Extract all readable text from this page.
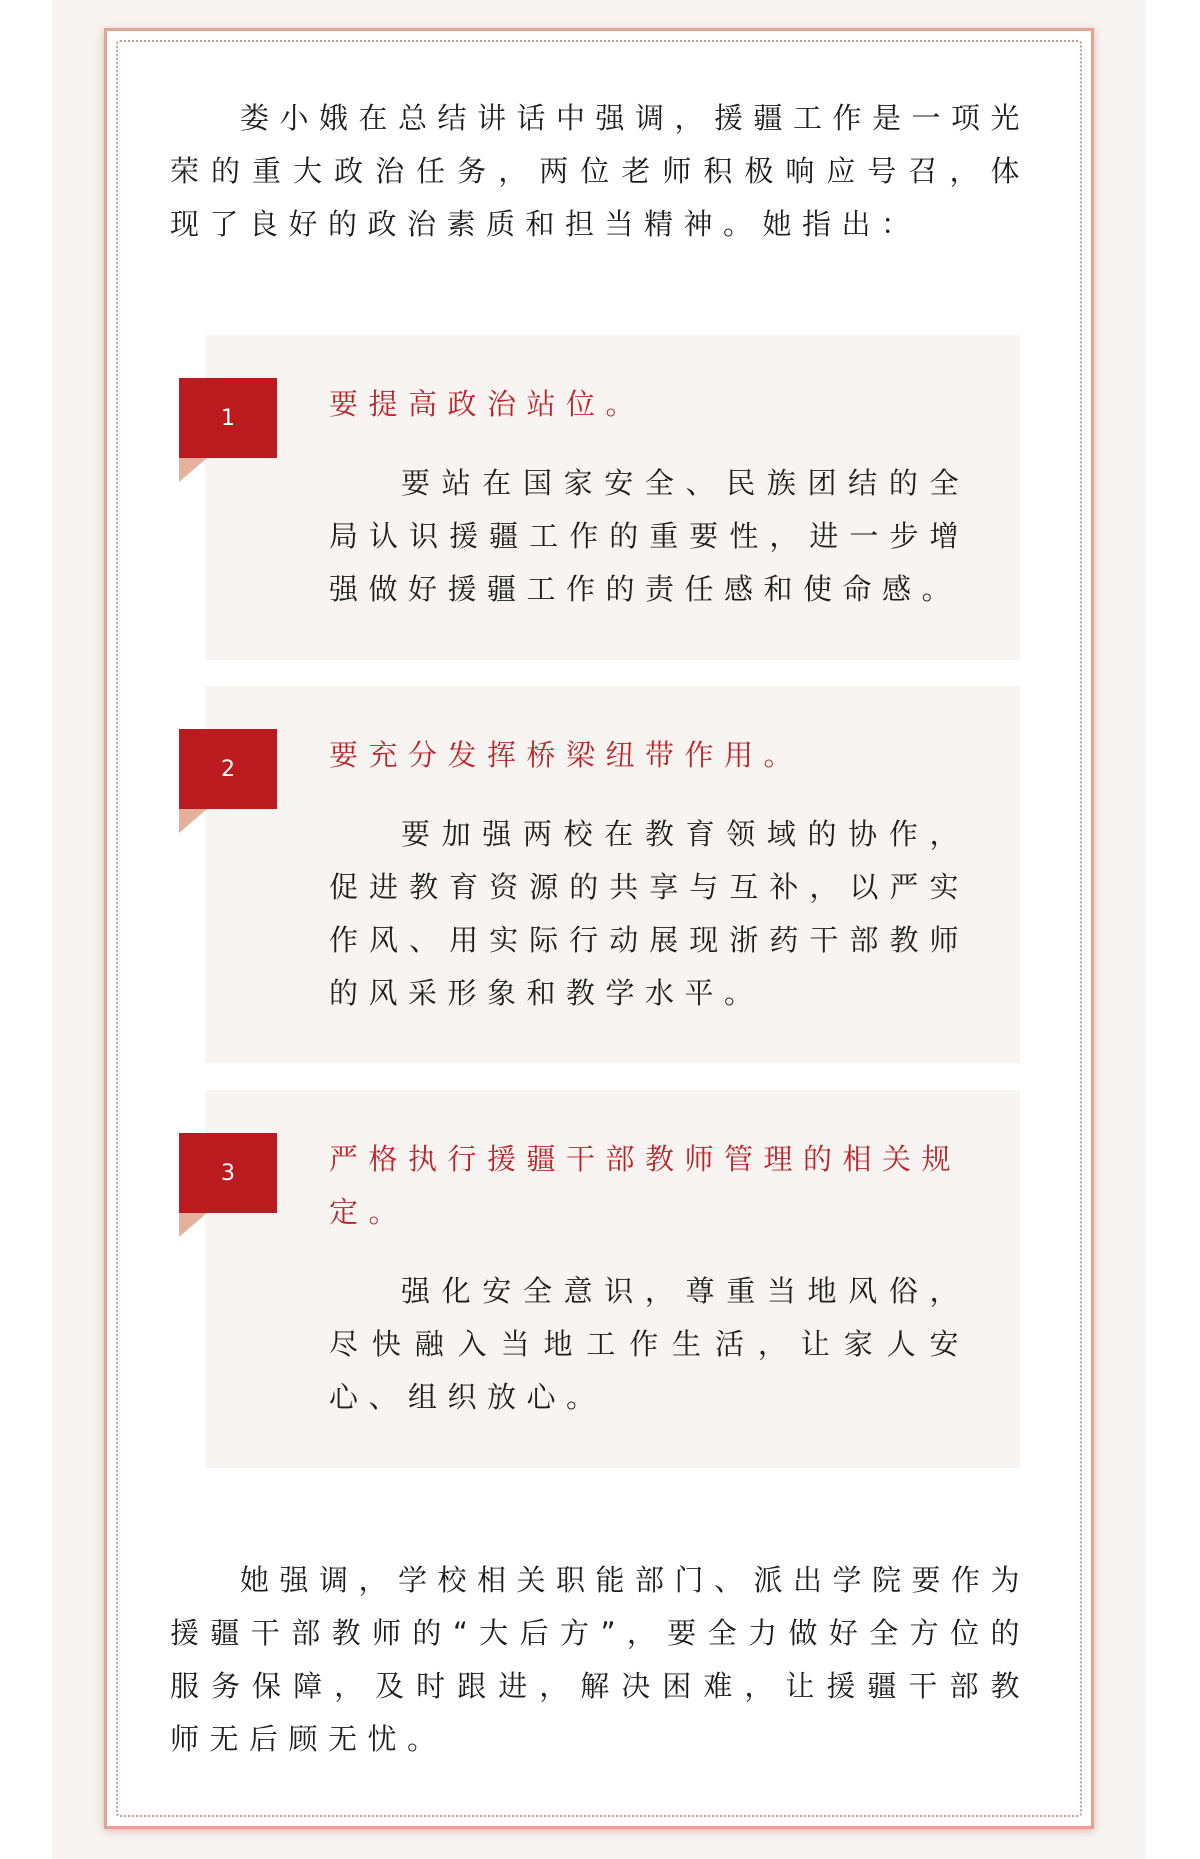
娄小娥在总结讲话中强调，援疆工作是一项光荣的重大政治任务，两位老师积极响应号召，体现了良好的政治素质和担当精神。她指出：

1	要提高政治站位。

要站在国家安全、民族团结的全局认识援疆工作的重要性，进一步增强做好援疆工作的责任感和使命感。

2	要充分发挥桥梁纽带作用。

要加强两校在教育领域的协作，促进教育资源的共享与互补，以严实作风、用实际行动展现浙药干部教师的风采形象和教学水平。

3	严格执行援疆干部教师管理的相关规定。

强化安全意识，尊重当地风俗，尽快融入当地工作生活，让家人安心、组织放心。

她强调，学校相关职能部门、派出学院要作为援疆干部教师的“大后方”，要全力做好全方位的服务保障，及时跟进，解决困难，让援疆干部教师无后顾无忧。
